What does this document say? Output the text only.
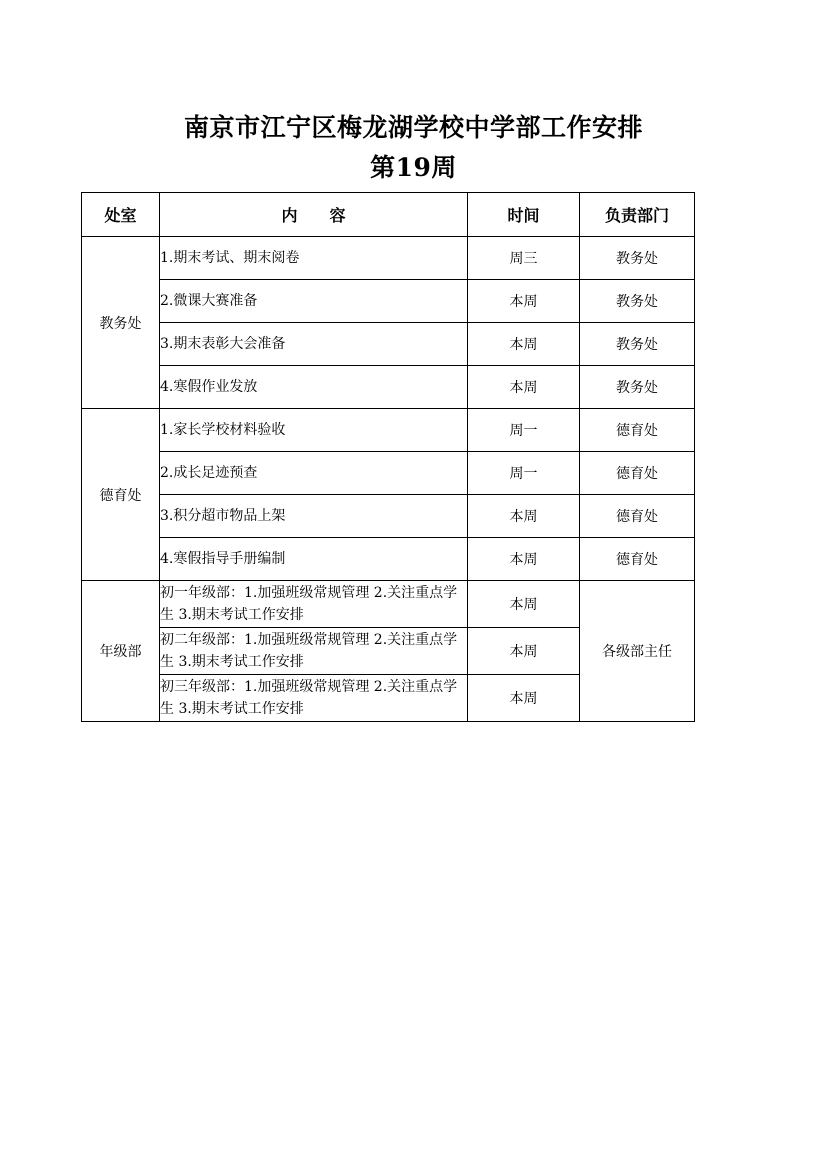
南京市江宁区梅龙湖学校中学部工作安排
第19周
处室	内　　容	时间	负责部门
教务处	1.期末考试、期末阅卷	周三	教务处
	2.微课大赛准备	本周	教务处
	3.期末表彰大会准备	本周	教务处
	4.寒假作业发放	本周	教务处
德育处	1.家长学校材料验收	周一	德育处
	2.成长足迹预查	周一	德育处
	3.积分超市物品上架	本周	德育处
	4.寒假指导手册编制	本周	德育处
年级部	初一年级部：1.加强班级常规管理 2.关注重点学生 3.期末考试工作安排	本周	各级部主任
	初二年级部：1.加强班级常规管理 2.关注重点学生 3.期末考试工作安排	本周	
	初三年级部：1.加强班级常规管理 2.关注重点学生 3.期末考试工作安排	本周	
